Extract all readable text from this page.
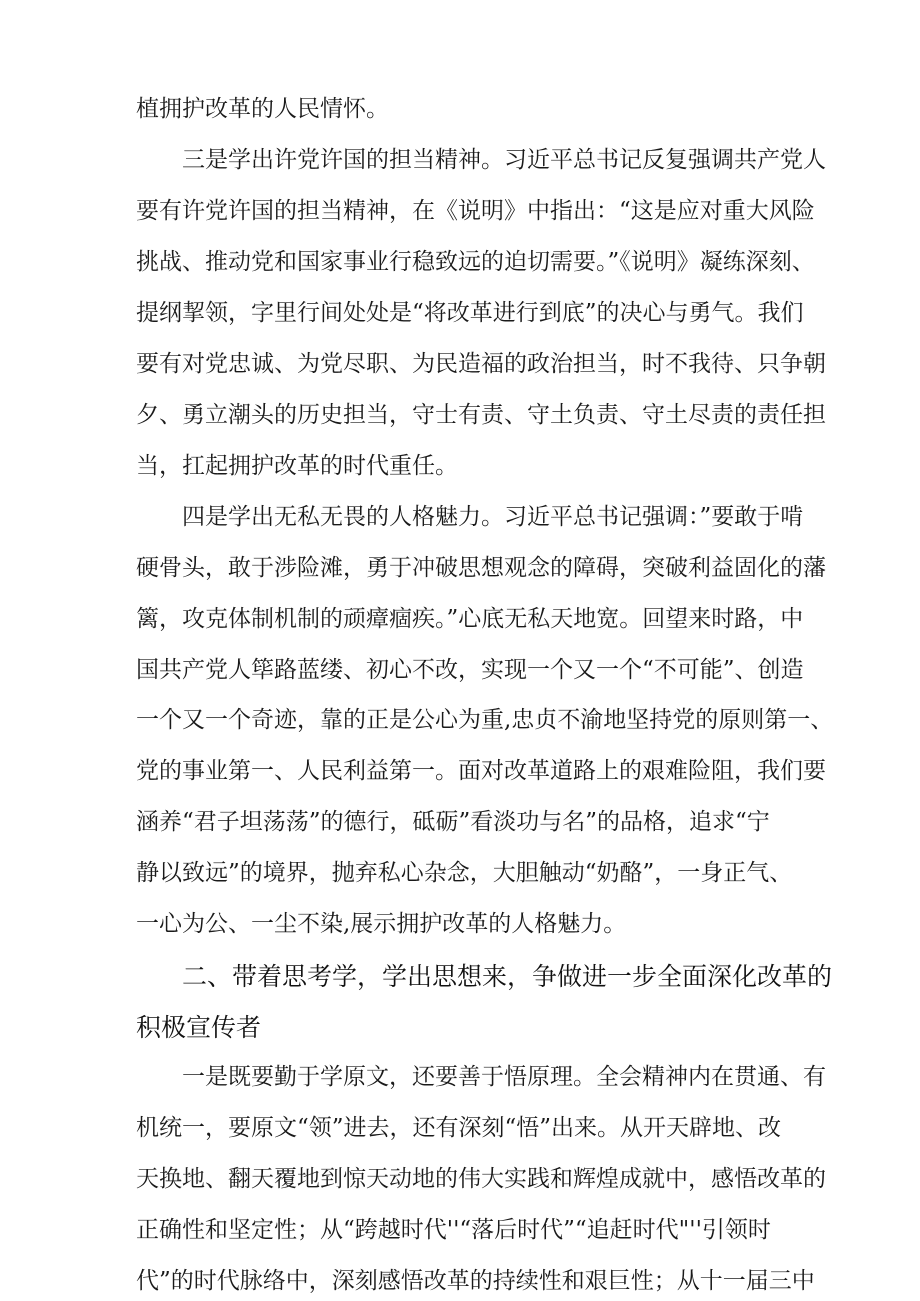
植拥护改革的人民情怀。
三是学出许党许国的担当精神。习近平总书记反复强调共产党人
要有许党许国的担当精神，在《说明》中指出：“这是应对重大风险
挑战、推动党和国家事业行稳致远的迫切需要。”《说明》凝练深刻、
提纲挈领，字里行间处处是“将改革进行到底”的决心与勇气。我们
要有对党忠诚、为党尽职、为民造福的政治担当，时不我待、只争朝
夕、勇立潮头的历史担当，守士有责、守土负责、守土尽责的责任担
当，扛起拥护改革的时代重任。
四是学出无私无畏的人格魅力。习近平总书记强调：”要敢于啃
硬骨头，敢于涉险滩，勇于冲破思想观念的障碍，突破利益固化的藩
篱，攻克体制机制的顽瘴痼疾。”心底无私天地宽。回望来时路，中
国共产党人筚路蓝缕、初心不改，实现一个又一个“不可能”、创造
一个又一个奇迹，靠的正是公心为重,忠贞不渝地坚持党的原则第一、
党的事业第一、人民利益第一。面对改革道路上的艰难险阻，我们要
涵养“君子坦荡荡”的德行，砥砺”看淡功与名”的品格，追求“宁
静以致远”的境界，抛弃私心杂念，大胆触动“奶酪”，一身正气、
一心为公、一尘不染,展示拥护改革的人格魅力。
二、带着思考学，学出思想来，争做进一步全面深化改革的
积极宣传者
一是既要勤于学原文，还要善于悟原理。全会精神内在贯通、有
机统一，要原文“领”进去，还有深刻“悟”出来。从开天辟地、改
天换地、翻天覆地到惊天动地的伟大实践和辉煌成就中，感悟改革的
正确性和坚定性；从“跨越时代''“落后时代”“追赶时代"''引领时
代”的时代脉络中，深刻感悟改革的持续性和艰巨性；从十一届三中
